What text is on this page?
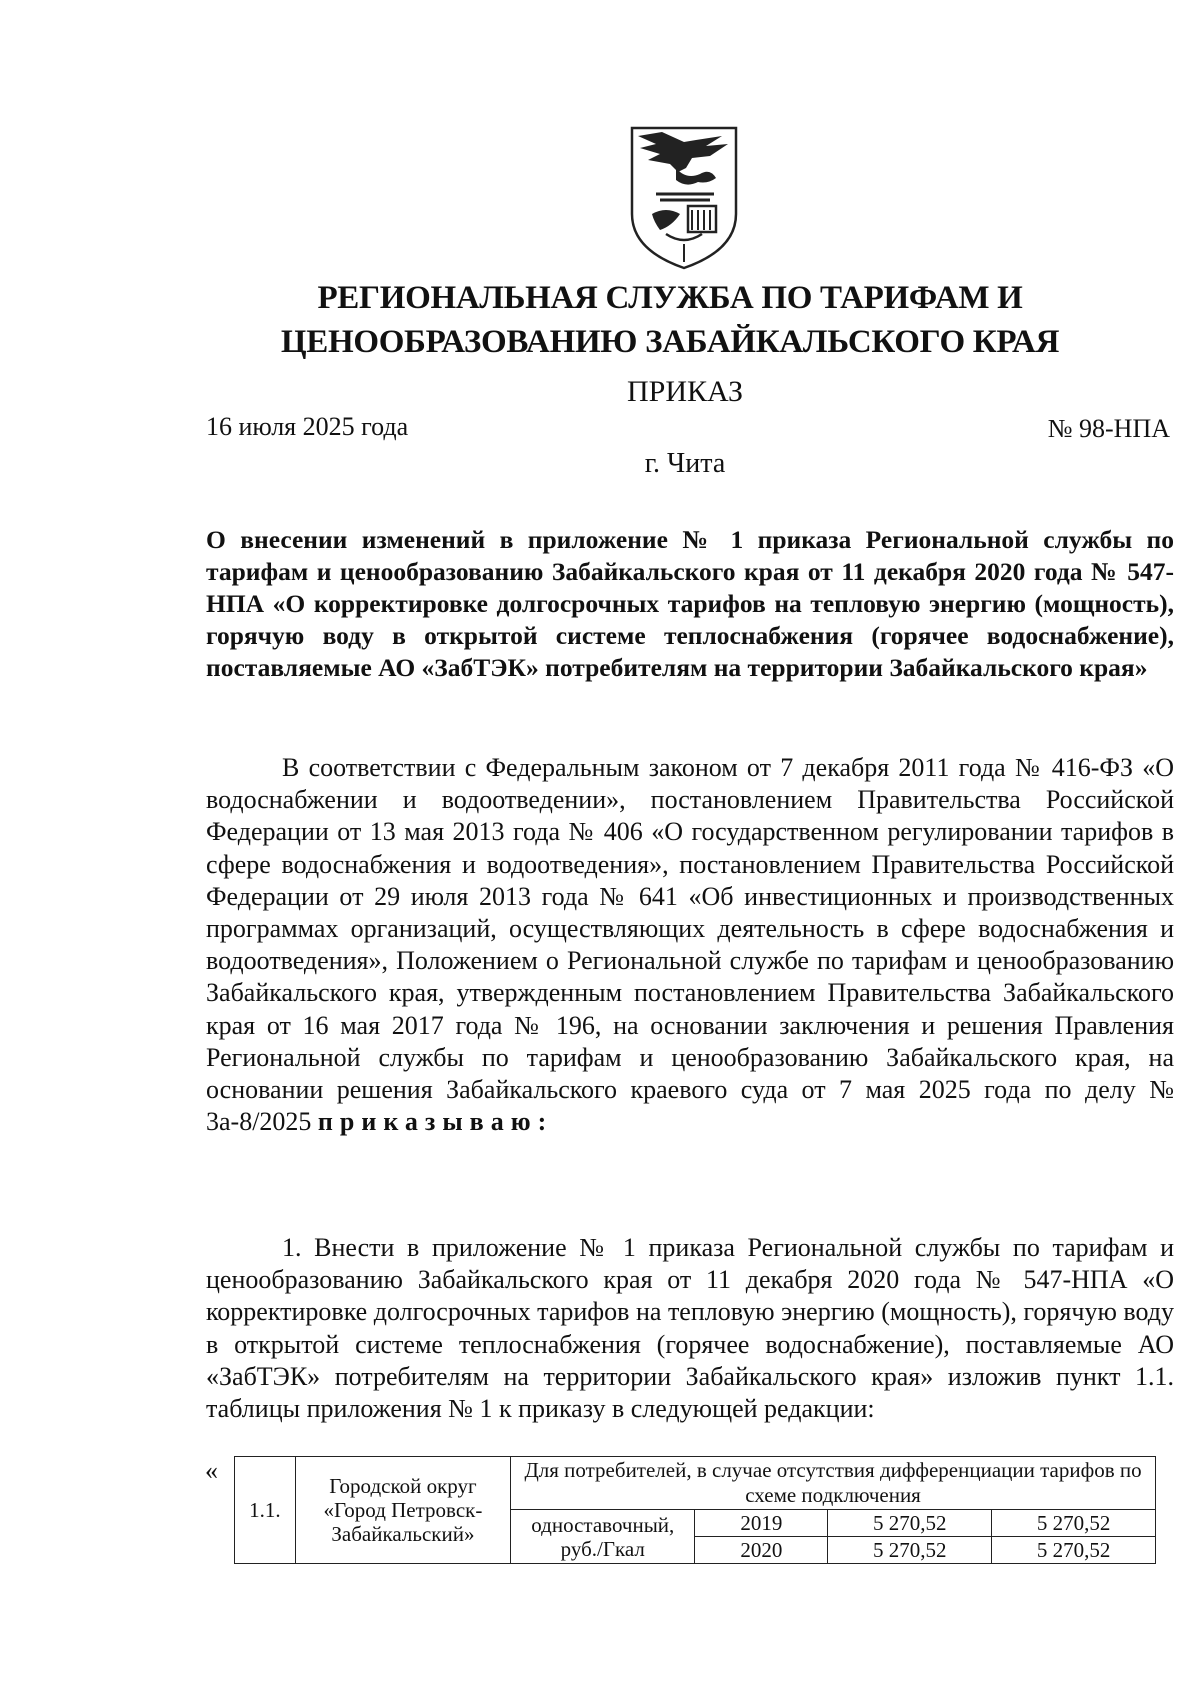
РЕГИОНАЛЬНАЯ СЛУЖБА ПО ТАРИФАМ И
ЦЕНООБРАЗОВАНИЮ ЗАБАЙКАЛЬСКОГО КРАЯ
ПРИКАЗ
16 июля 2025 года	№ 98-НПА
г. Чита
О внесении изменений в приложение № 1 приказа Региональной службы по тарифам и ценообразованию Забайкальского края от 11 декабря 2020 года № 547-НПА «О корректировке долгосрочных тарифов на тепловую энергию (мощность), горячую воду в открытой системе теплоснабжения (горячее водоснабжение), поставляемые АО «ЗабТЭК» потребителям на территории Забайкальского края»
В соответствии с Федеральным законом от 7 декабря 2011 года № 416-ФЗ «О водоснабжении и водоотведении», постановлением Правительства Российской Федерации от 13 мая 2013 года № 406 «О государственном регулировании тарифов в сфере водоснабжения и водоотведения», постановлением Правительства Российской Федерации от 29 июля 2013 года № 641 «Об инвестиционных и производственных программах организаций, осуществляющих деятельность в сфере водоснабжения и водоотведения», Положением о Региональной службе по тарифам и ценообразованию Забайкальского края, утвержденным постановлением Правительства Забайкальского края от 16 мая 2017 года № 196, на основании заключения и решения Правления Региональной службы по тарифам и ценообразованию Забайкальского края, на основании решения Забайкальского краевого суда от 7 мая 2025 года по делу № 3а-8/2025 приказываю:
1. Внести в приложение № 1 приказа Региональной службы по тарифам и ценообразованию Забайкальского края от 11 декабря 2020 года № 547-НПА «О корректировке долгосрочных тарифов на тепловую энергию (мощность), горячую воду в открытой системе теплоснабжения (горячее водоснабжение), поставляемые АО «ЗабТЭК» потребителям на территории Забайкальского края» изложив пункт 1.1. таблицы приложения № 1 к приказу в следующей редакции:
«
1.1.	Городской округ «Город Петровск-Забайкальский»	Для потребителей, в случае отсутствия дифференциации тарифов по схеме подключения			
		одноставочный, руб./Гкал	2019	5 270,52	5 270,52
			2020	5 270,52	5 270,52
